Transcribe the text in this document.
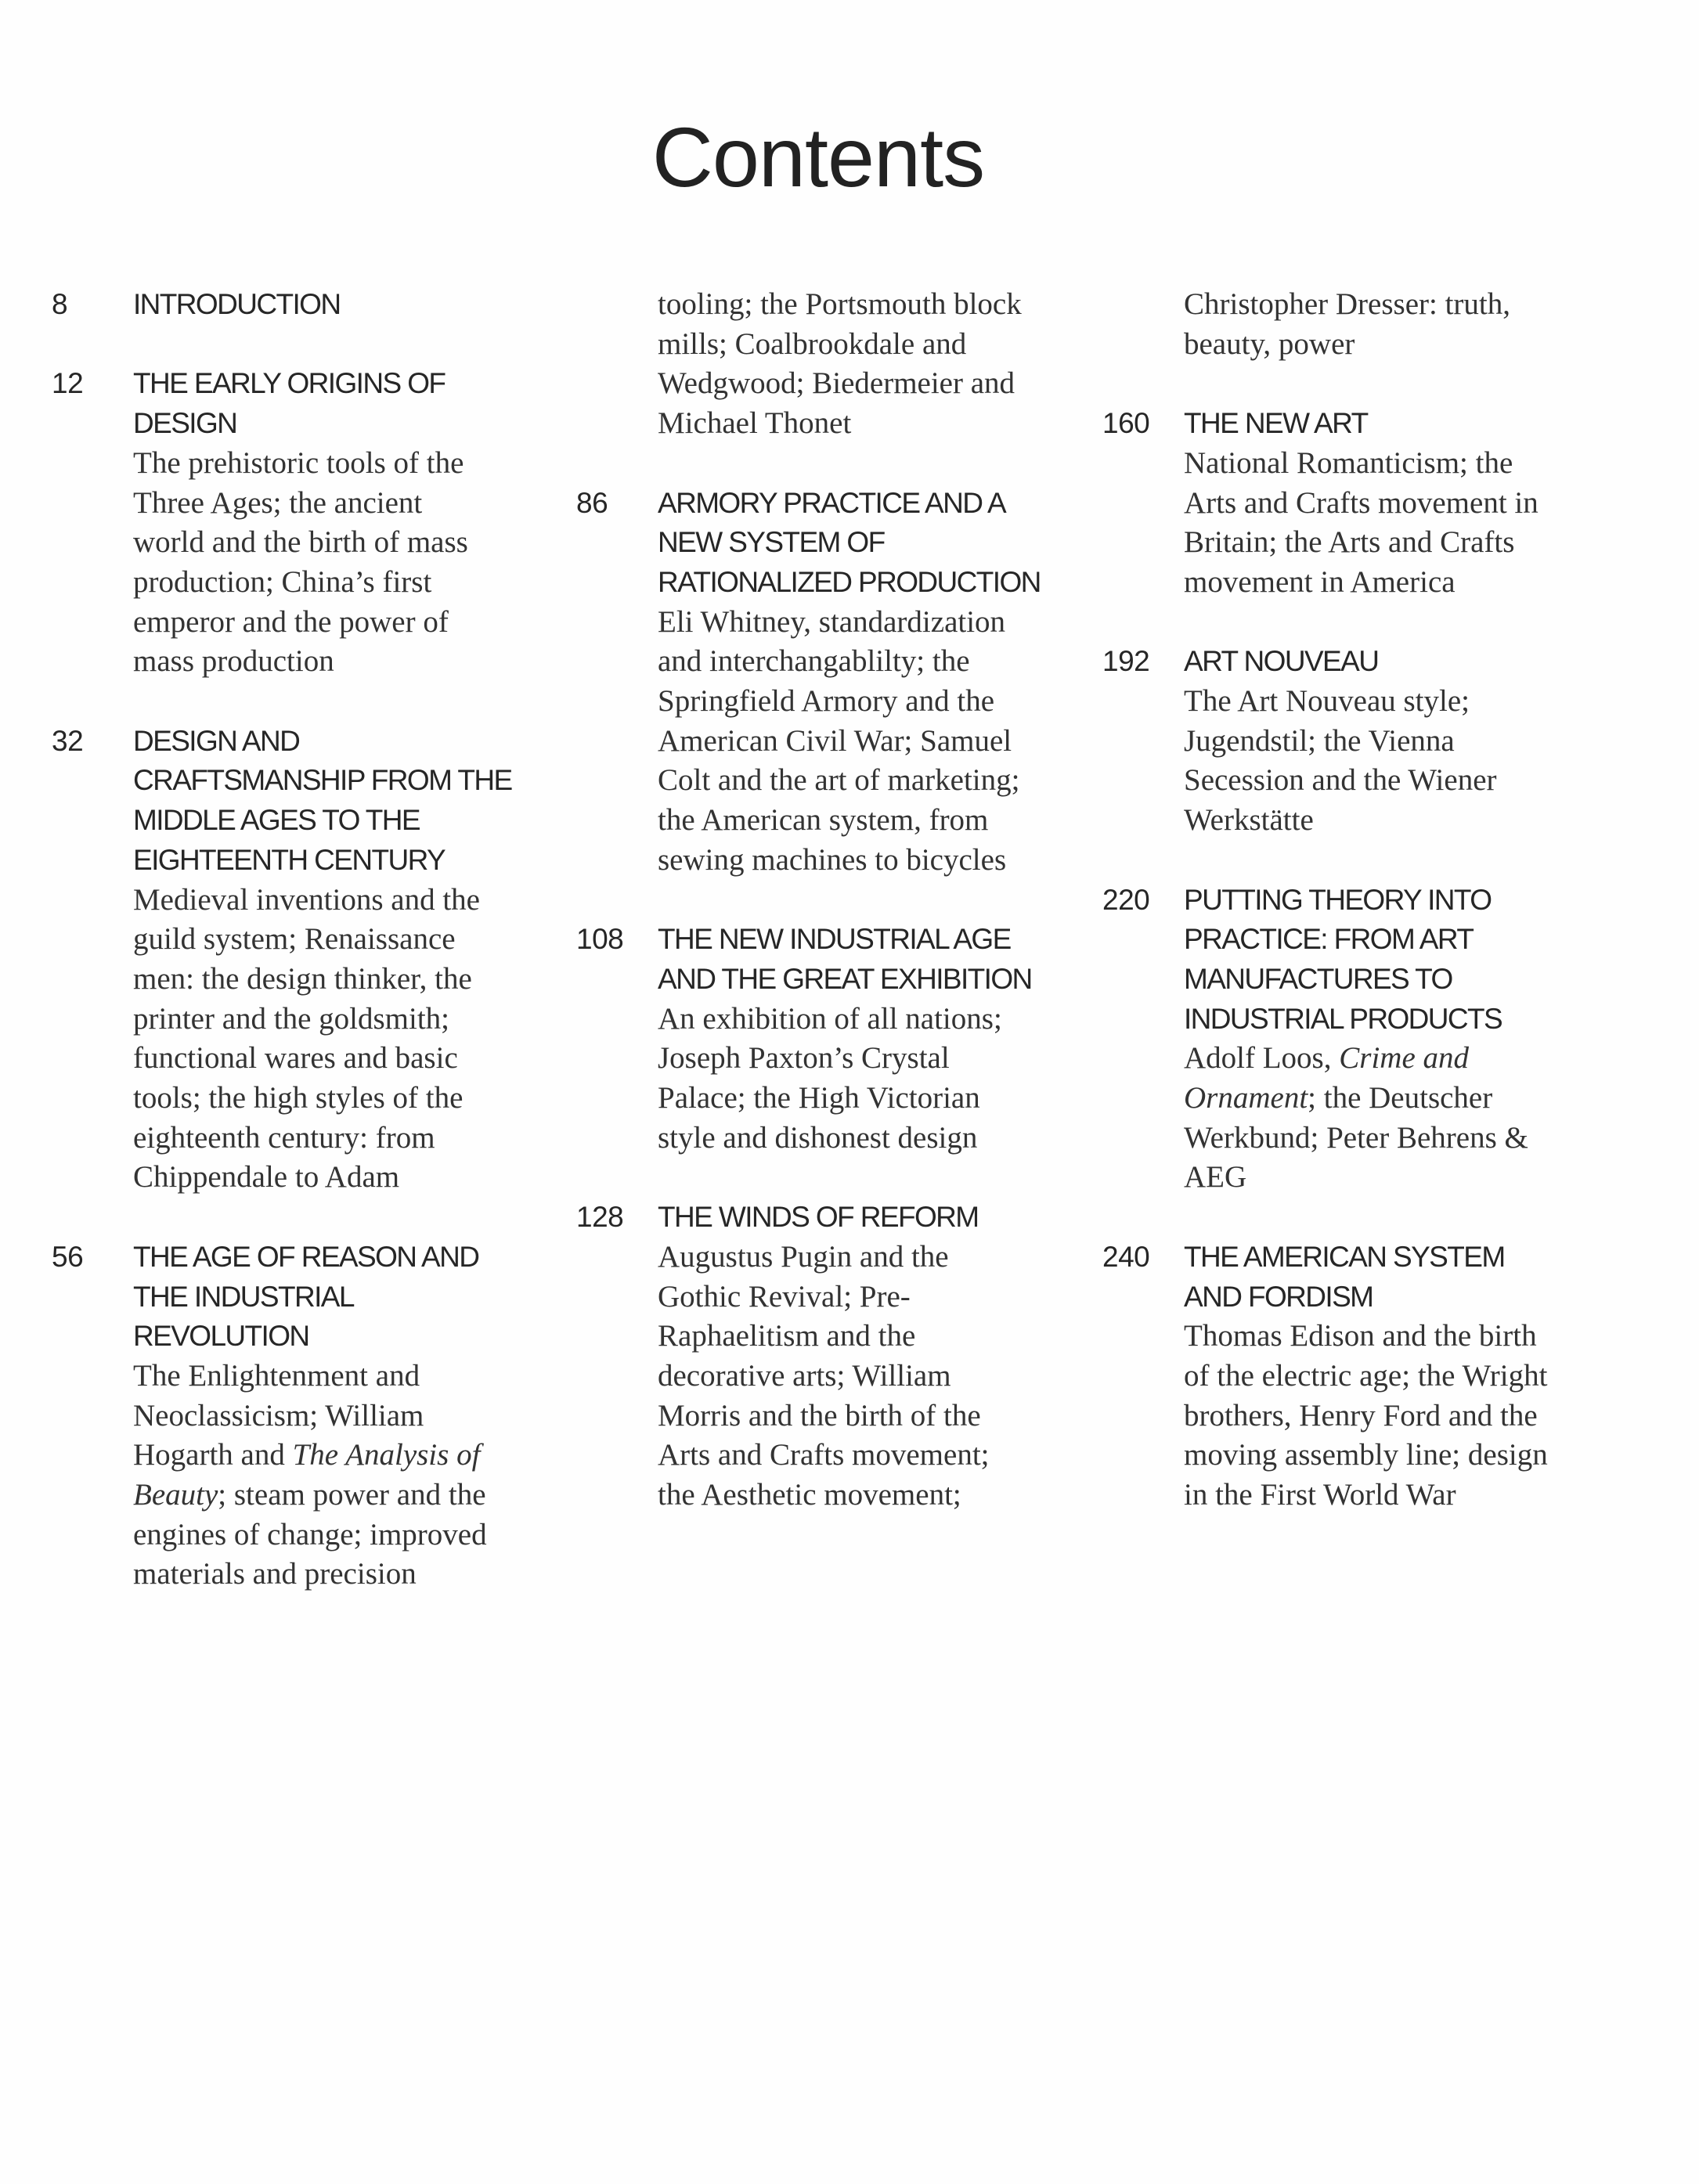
Contents
8 INTRODUCTION
12 THE EARLY ORIGINS OF
DESIGN
The prehistoric tools of the
Three Ages; the ancient
world and the birth of mass
production; China’s first
emperor and the power of
mass production
32 DESIGN AND
CRAFTSMANSHIP FROM THE
MIDDLE AGES TO THE
EIGHTEENTH CENTURY
Medieval inventions and the
guild system; Renaissance
men: the design thinker, the
printer and the goldsmith;
functional wares and basic
tools; the high styles of the
eighteenth century: from
Chippendale to Adam
56 THE AGE OF REASON AND
THE INDUSTRIAL
REVOLUTION
The Enlightenment and
Neoclassicism; William
Hogarth and The Analysis of
Beauty; steam power and the
engines of change; improved
materials and precision
tooling; the Portsmouth block
mills; Coalbrookdale and
Wedgwood; Biedermeier and
Michael Thonet
86 ARMORY PRACTICE AND A
NEW SYSTEM OF
RATIONALIZED PRODUCTION
Eli Whitney, standardization
and interchangablilty; the
Springfield Armory and the
American Civil War; Samuel
Colt and the art of marketing;
the American system, from
sewing machines to bicycles
108 THE NEW INDUSTRIAL AGE
AND THE GREAT EXHIBITION
An exhibition of all nations;
Joseph Paxton’s Crystal
Palace; the High Victorian
style and dishonest design
128 THE WINDS OF REFORM
Augustus Pugin and the
Gothic Revival; Pre-
Raphaelitism and the
decorative arts; William
Morris and the birth of the
Arts and Crafts movement;
the Aesthetic movement;
Christopher Dresser: truth,
beauty, power
160 THE NEW ART
National Romanticism; the
Arts and Crafts movement in
Britain; the Arts and Crafts
movement in America
192 ART NOUVEAU
The Art Nouveau style;
Jugendstil; the Vienna
Secession and the Wiener
Werkstätte
220 PUTTING THEORY INTO
PRACTICE: FROM ART
MANUFACTURES TO
INDUSTRIAL PRODUCTS
Adolf Loos, Crime and
Ornament; the Deutscher
Werkbund; Peter Behrens &
AEG
240 THE AMERICAN SYSTEM
AND FORDISM
Thomas Edison and the birth
of the electric age; the Wright
brothers, Henry Ford and the
moving assembly line; design
in the First World War
